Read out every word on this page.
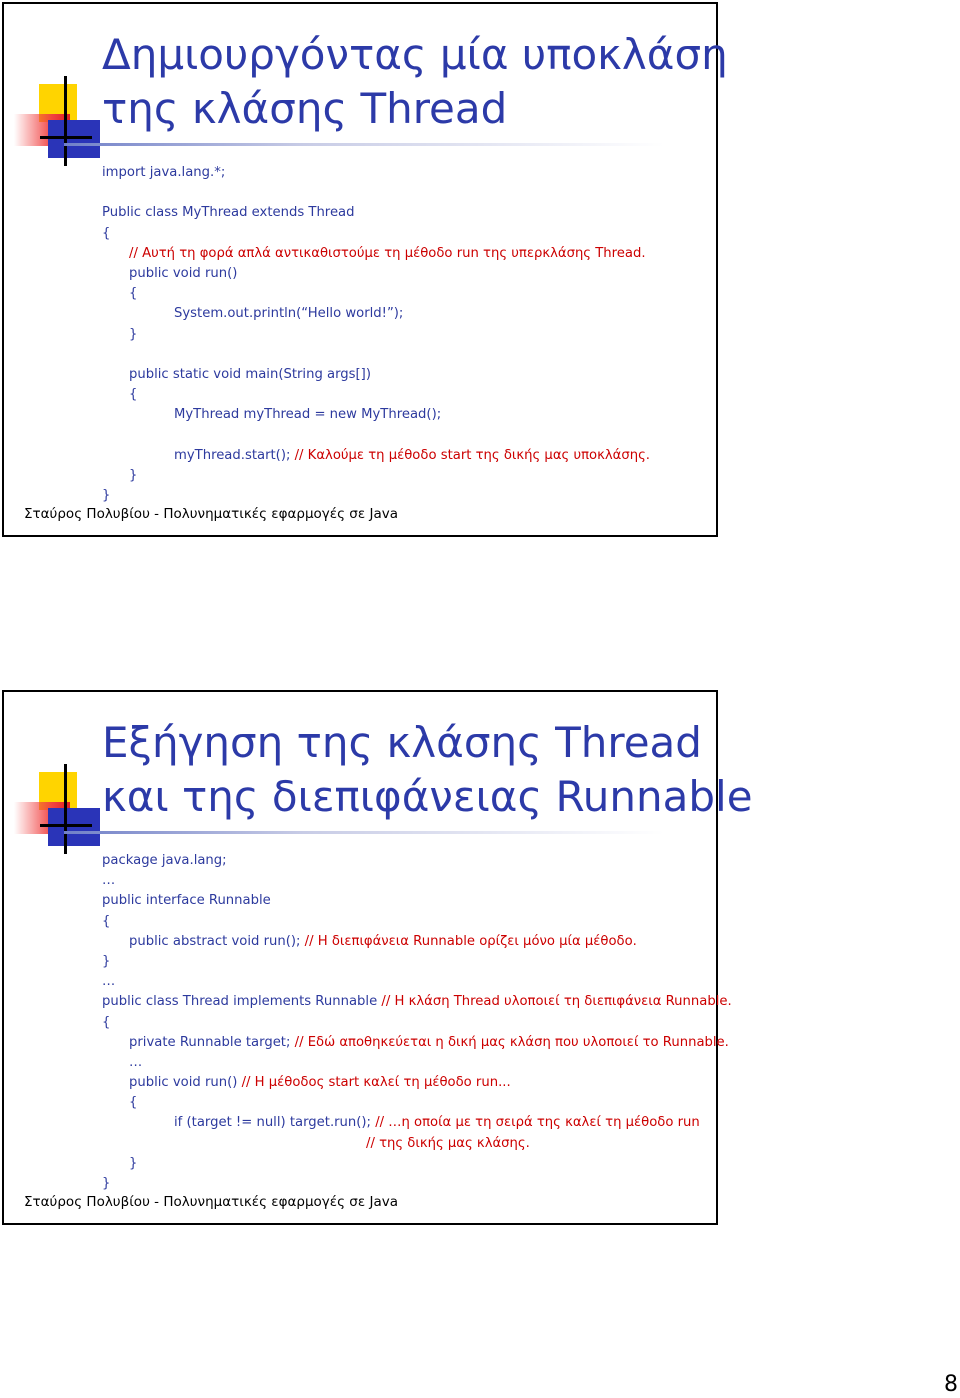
Δημιουργόντας μία υποκλάση
της κλάσης Thread
import java.lang.*;
Public class MyThread extends Thread
{
// Αυτή τη φορά απλά αντικαθιστούμε τη μέθοδο run της υπερκλάσης Thread.
public void run()
{
System.out.println(“Hello world!”);
}
public static void main(String args[])
{
MyThread myThread = new MyThread();
myThread.start(); // Καλούμε τη μέθοδο start της δικής μας υποκλάσης.
}
}
Σταύρος Πολυβίου - Πολυνηματικές εφαρμογές σε Java
Εξήγηση της κλάσης Thread
και της διεπιφάνειας Runnable
package java.lang;
…
public interface Runnable
{
public abstract void run(); // Η διεπιφάνεια Runnable ορίζει μόνο μία μέθοδο.
}
…
public class Thread implements Runnable // Η κλάση Thread υλοποιεί τη διεπιφάνεια Runnable.
{
private Runnable target; // Εδώ αποθηκεύεται η δική μας κλάση που υλοποιεί το Runnable.
…
public void run() // Η μέθοδος start καλεί τη μέθοδο run...
{
if (target != null) target.run(); // …η οποία με τη σειρά της καλεί τη μέθοδο run
// της δικής μας κλάσης.
}
}
Σταύρος Πολυβίου - Πολυνηματικές εφαρμογές σε Java
8
